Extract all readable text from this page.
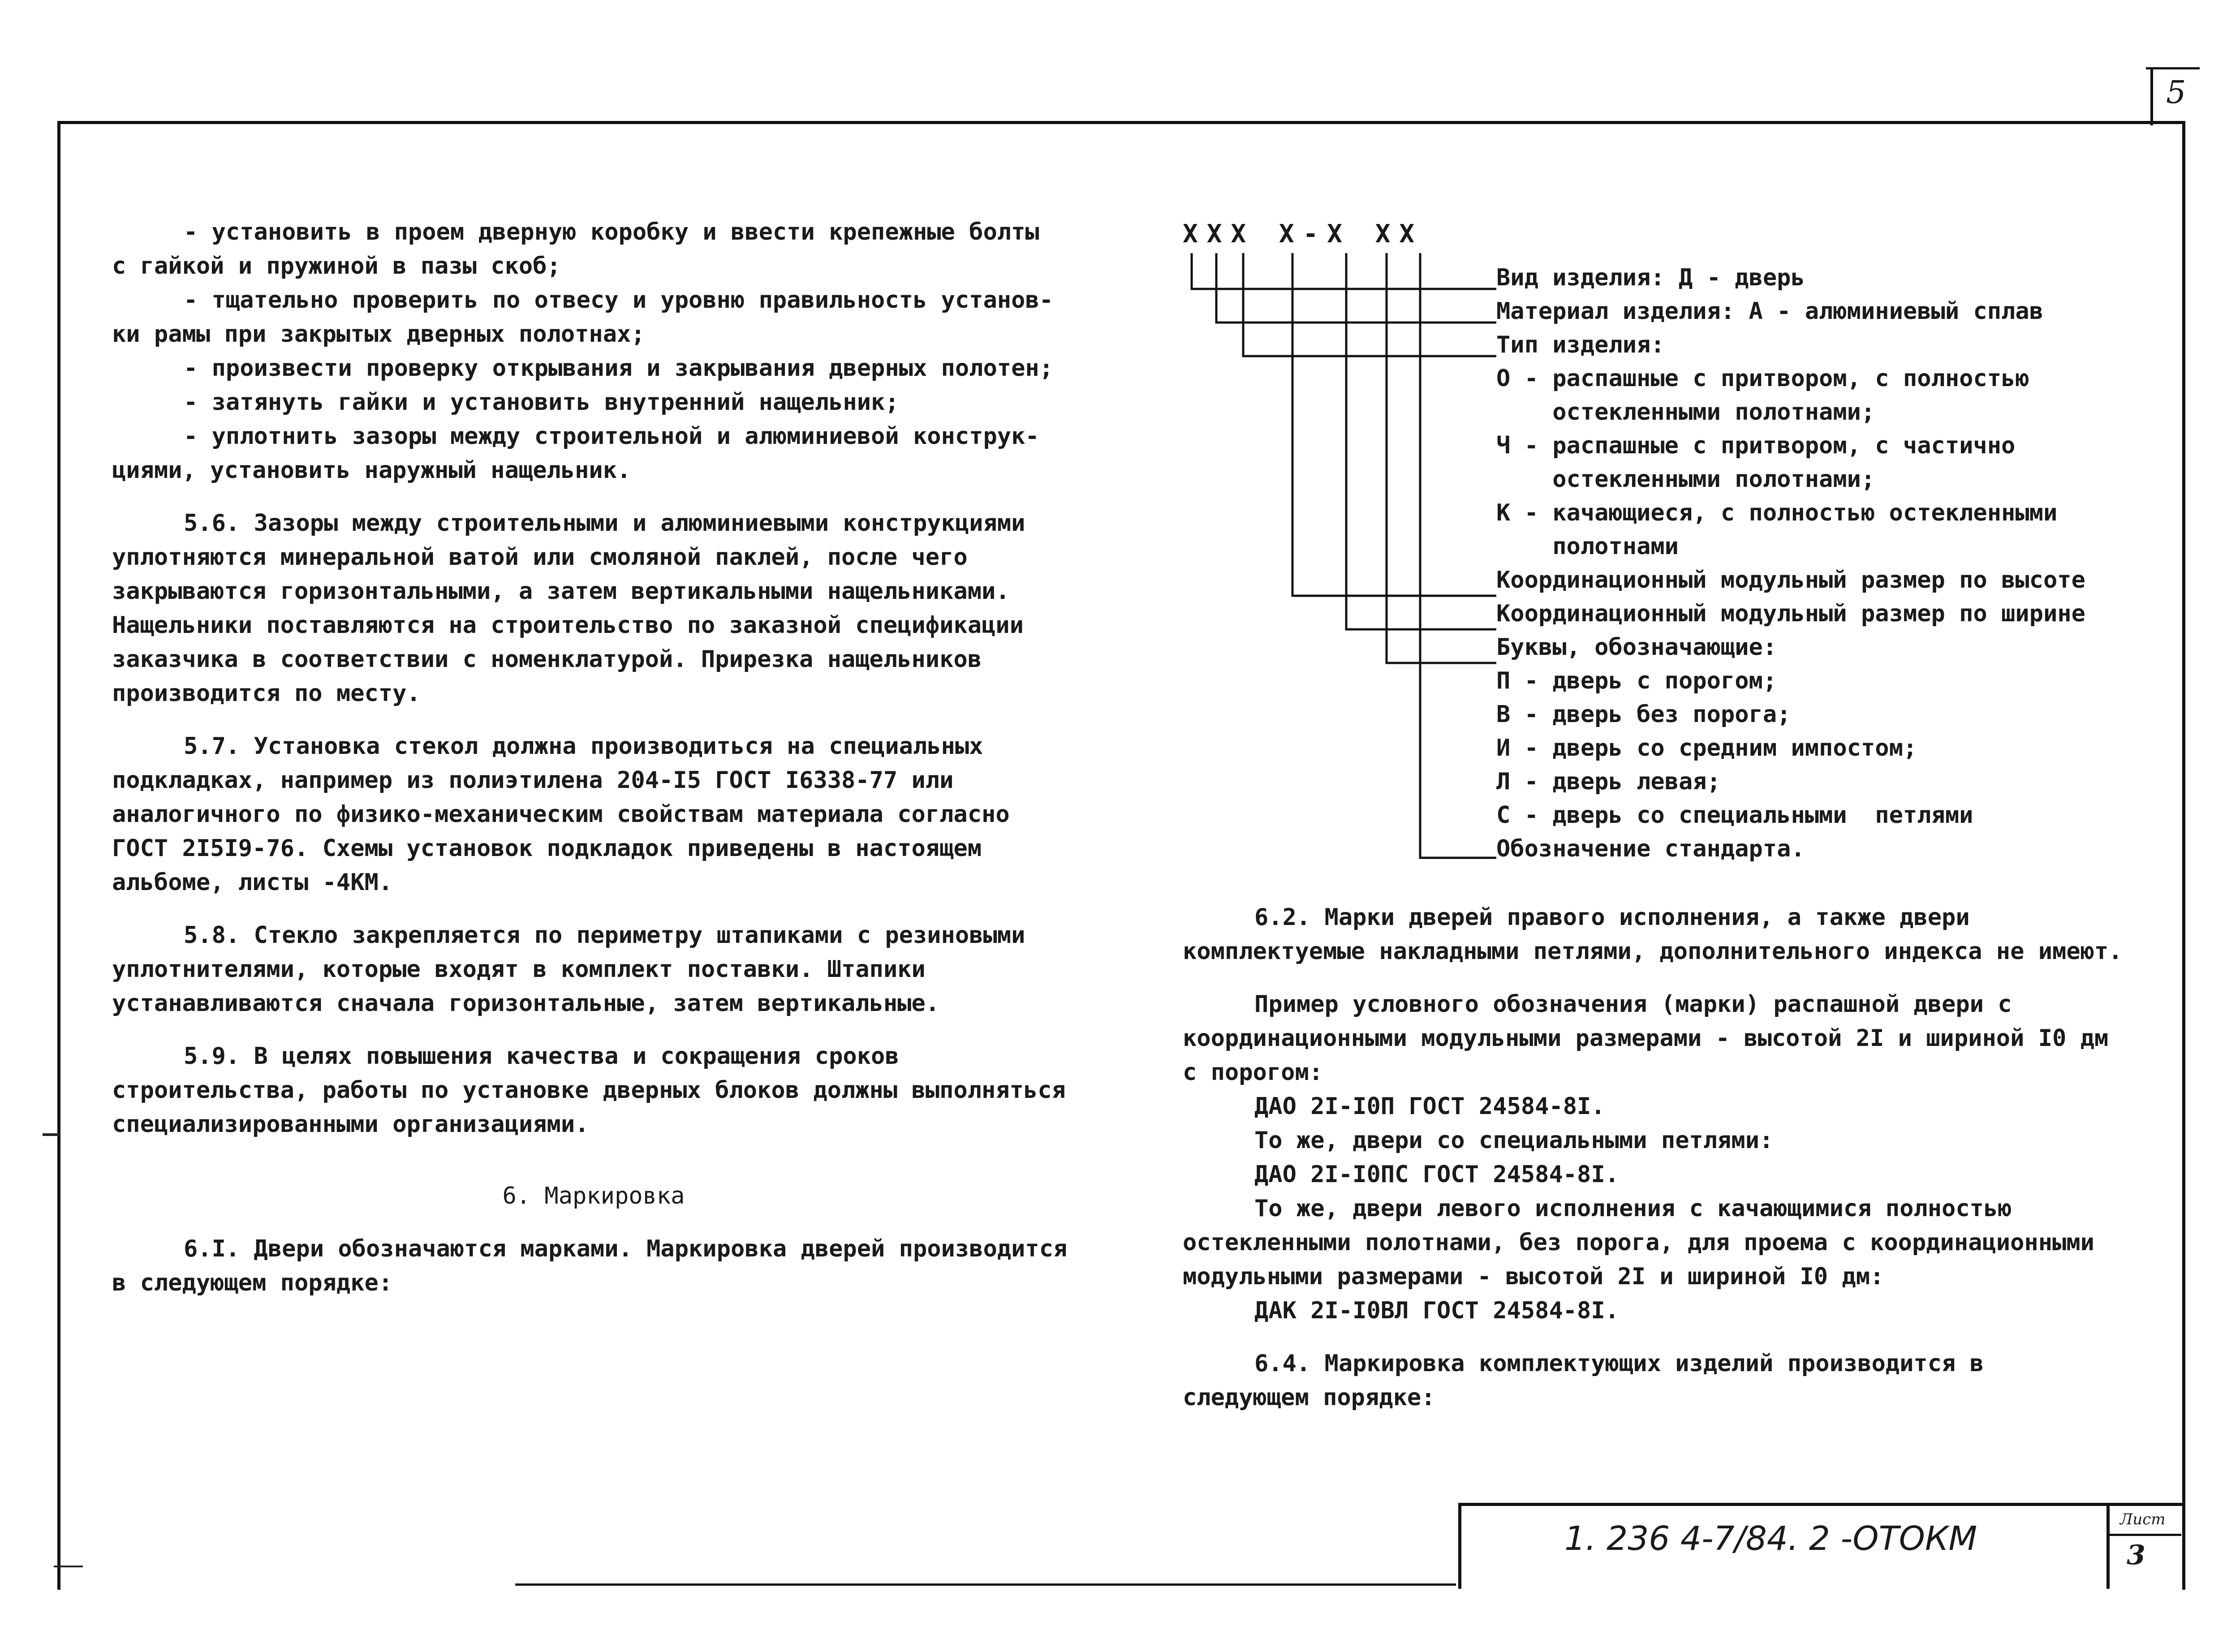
5

- установить в проем дверную коробку и ввести крепежные болты

с гайкой и пружиной в пазы скоб;

- тщательно проверить по отвесу и уровню правильность установ-

ки рамы при закрытых дверных полотнах;

- произвести проверку открывания и закрывания дверных полотен;

- затянуть гайки и установить внутренний нащельник;

- уплотнить зазоры между строительной и алюминиевой конструк-

циями, установить наружный нащельник.

5.6. Зазоры между строительными и алюминиевыми конструкциями уплотняются минеральной ватой или смоляной паклей, после чего закрываются горизонтальными, а затем вертикальными нащельниками. Нащельники поставляются на строительство по заказной спецификации заказчика в соответствии с номенклатурой. Прирезка нащельников производится по месту.

5.7. Установка стекол должна производиться на специальных подкладках, например из полиэтилена 204-I5 ГОСТ I6338-77 или аналогичного по физико-механическим свойствам материала согласно ГОСТ 2I5I9-76. Схемы установок подкладок приведены в настоящем альбоме, листы -4КМ.

5.8. Стекло закрепляется по периметру штапиками с резиновыми уплотнителями, которые входят в комплект поставки. Штапики устанавливаются сначала горизонтальные, затем вертикальные.

5.9. В целях повышения качества и сокращения сроков строительства, работы по установке дверных блоков должны выполняться специализированными организациями.

6. Маркировка

6.I. Двери обозначаются марками. Маркировка дверей производится в следующем порядке:

XXX X-X XX
Вид изделия: Д - дверь
Материал изделия: А - алюминиевый сплав
Тип изделия:
О - распашные с притвором, с полностью
остекленными полотнами;
Ч - распашные с притвором, с частично
остекленными полотнами;
К - качающиеся, с полностью остекленными
полотнами
Координационный модульный размер по высоте
Координационный модульный размер по ширине
Буквы, обозначающие:
П - дверь с порогом;
В - дверь без порога;
И - дверь со средним импостом;
Л - дверь левая;
С - дверь со специальными  петлями
Обозначение стандарта.

6.2. Марки дверей правого исполнения, а также двери комплектуемые накладными петлями, дополнительного индекса не имеют.

Пример условного обозначения (марки) распашной двери с координационными модульными размерами - высотой 2I и шириной I0 дм с порогом:

ДАО 2I-I0П ГОСТ 24584-8I.

То же, двери со специальными петлями:

ДАО 2I-I0ПС ГОСТ 24584-8I.

То же, двери левого исполнения с качающимися полностью остекленными полотнами, без порога, для проема с координационными модульными размерами - высотой 2I и шириной I0 дм:

ДАК 2I-I0ВЛ ГОСТ 24584-8I.

6.4. Маркировка комплектующих изделий производится в следующем порядке:

1. 236 4-7/84. 2 -ОТОКМ	Лист
3
